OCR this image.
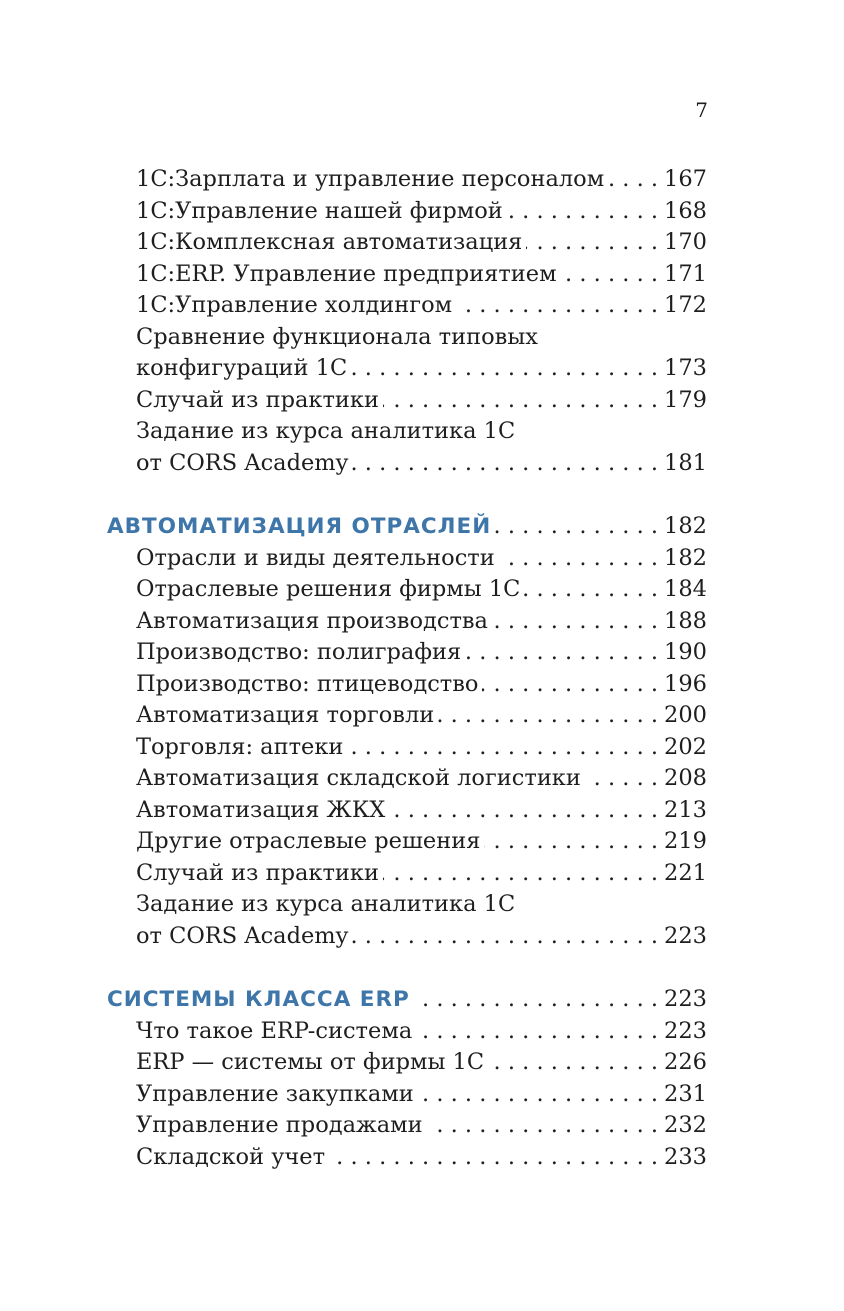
7
1С:Зарплата и управление персоналом . . .	167
1С:Управление нашей фирмой . . .	168
1С:Комплексная автоматизация . . .	170
1С:ERP. Управление предприятием . . .	171
1С:Управление холдингом . . .	172
Сравнение функционала типовых
конфигураций 1С . . .	173
Случай из практики . . .	179
Задание из курса аналитика 1С
от CORS Academy . . .	181
АВТОМАТИЗАЦИЯ ОТРАСЛЕЙ . . .	182
Отрасли и виды деятельности . . .	182
Отраслевые решения фирмы 1С . . .	184
Автоматизация производства . . .	188
Производство: полиграфия . . .	190
Производство: птицеводство . . .	196
Автоматизация торговли . . .	200
Торговля: аптеки . . .	202
Автоматизация складской логистики . . .	208
Автоматизация ЖКХ . . .	213
Другие отраслевые решения . . .	219
Случай из практики . . .	221
Задание из курса аналитика 1С
от CORS Academy . . .	223
СИСТЕМЫ КЛАССА ERP . . .	223
Что такое ERP-система . . .	223
ERP — системы от фирмы 1С . . .	226
Управление закупками . . .	231
Управление продажами . . .	232
Складской учет . . .	233
